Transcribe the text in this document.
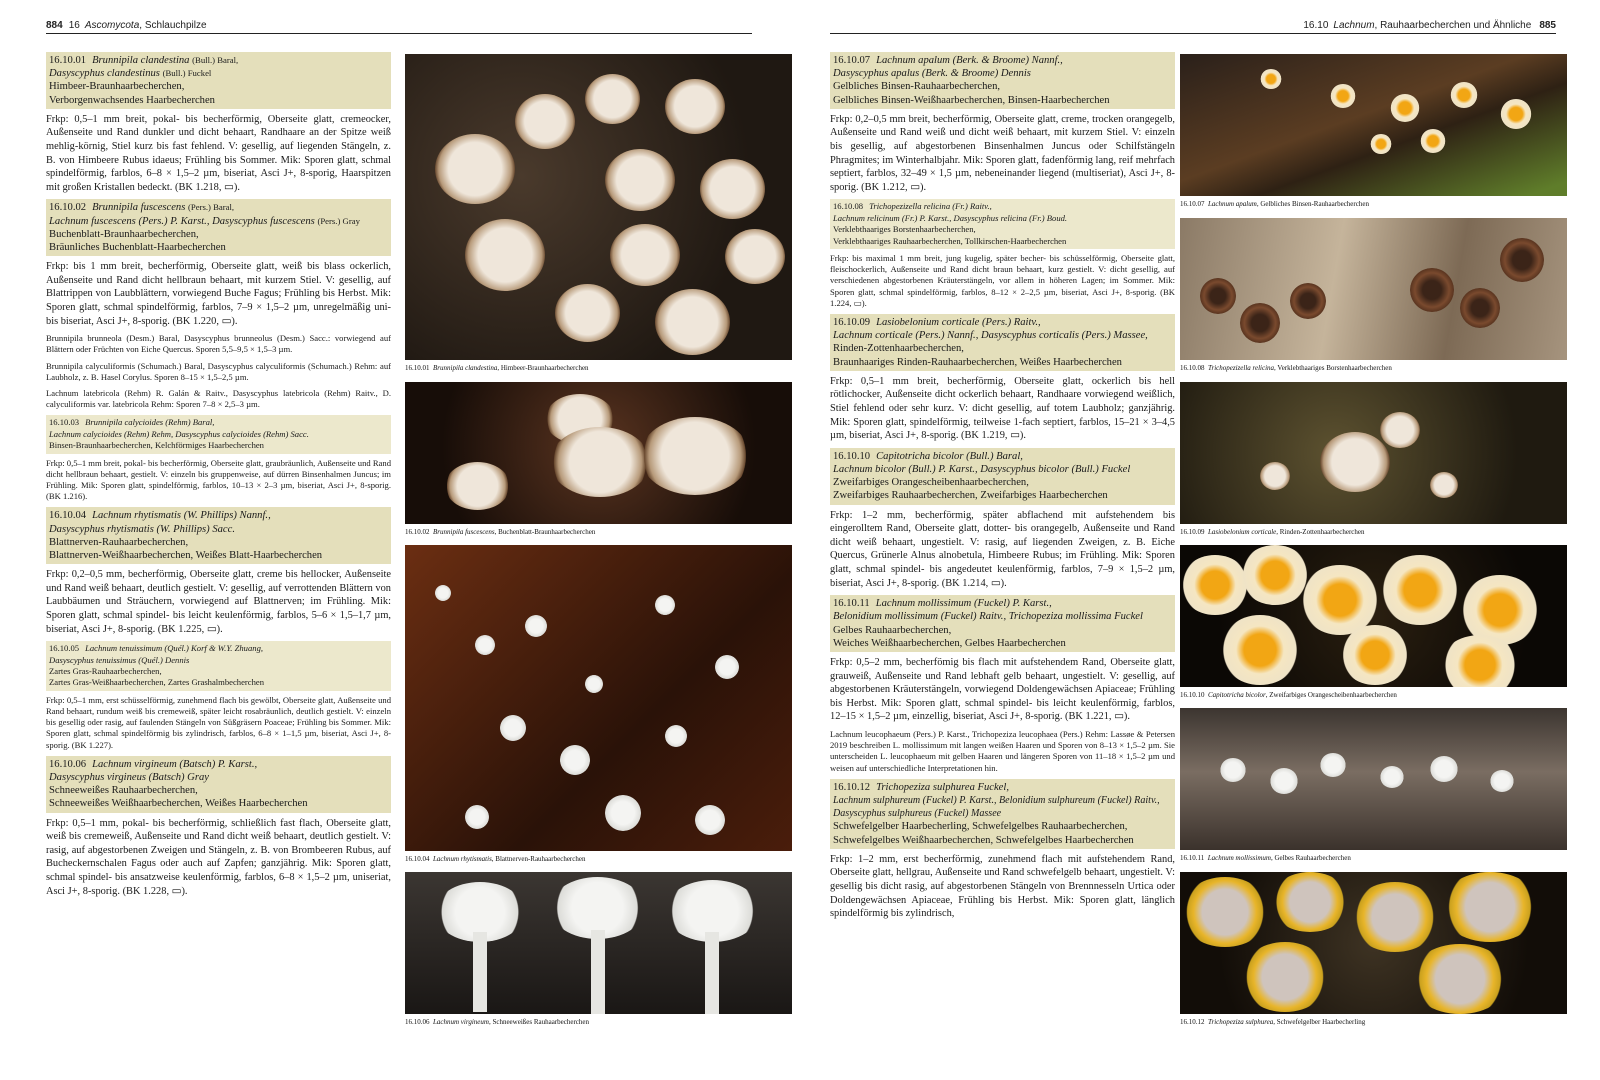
884 16 Ascomycota , Schlauchpilze
16.10.01 Brunnipila clandestina (Bull.) Baral,
Dasyscyphus clandestinus (Bull.) Fuckel
Himbeer-Braunhaarbecherchen,
Verborgenwachsendes Haarbecherchen
Frkp: 0,5–1 mm breit, pokal- bis becherförmig, Oberseite glatt, cremeocker, Außenseite und Rand dunkler und dicht behaart, Randhaare an der Spitze weiß mehlig-körnig, Stiel kurz bis fast fehlend. V: gesellig, auf liegenden Stängeln, z. B. von Himbeere Rubus idaeus; Frühling bis Sommer. Mik: Sporen glatt, schmal spindelförmig, farblos, 6–8 × 1,5–2 µm, biseriat, Asci J+, 8-sporig, Haarspitzen mit großen Kristallen bedeckt. (BK 1.218, ▭).
16.10.02 Brunnipila fuscescens (Pers.) Baral,
Lachnum fuscescens (Pers.) P. Karst., Dasyscyphus fuscescens (Pers.) Gray
Buchenblatt-Braunhaarbecherchen,
Bräunliches Buchenblatt-Haarbecherchen
Frkp: bis 1 mm breit, becherförmig, Oberseite glatt, weiß bis blass ockerlich, Außenseite und Rand dicht hellbraun behaart, mit kurzem Stiel. V: gesellig, auf Blattrippen von Laubblättern, vorwiegend Buche Fagus; Frühling bis Herbst. Mik: Sporen glatt, schmal spindelförmig, farblos, 7–9 × 1,5–2 µm, unregelmäßig uni- bis biseriat, Asci J+, 8-sporig. (BK 1.220, ▭).
Brunnipila brunneola (Desm.) Baral, Dasyscyphus brunneolus (Desm.) Sacc.: vorwiegend auf Blättern oder Früchten von Eiche Quercus. Sporen 5,5–9,5 × 1,5–3 µm.
Brunnipila calyculiformis (Schumach.) Baral, Dasyscyphus calyculiformis (Schumach.) Rehm: auf Laubholz, z. B. Hasel Corylus. Sporen 8–15 × 1,5–2,5 µm.
Lachnum latebricola (Rehm) R. Galán & Raitv., Dasyscyphus latebricola (Rehm) Raitv., D. calyculiformis var. latebricola Rehm: Sporen 7–8 × 2,5–3 µm.
16.10.03 Brunnipila calycioides (Rehm) Baral,
Lachnum calycioides (Rehm) Rehm, Dasyscyphus calycioides (Rehm) Sacc.
Binsen-Braunhaarbecherchen, Kelchförmiges Haarbecherchen
Frkp: 0,5–1 mm breit, pokal- bis becherförmig, Oberseite glatt, graubräunlich, Außenseite und Rand dicht hellbraun behaart, gestielt. V: einzeln bis gruppenweise, auf dürren Binsenhalmen Juncus; im Frühling. Mik: Sporen glatt, spindelförmig, farblos, 10–13 × 2–3 µm, biseriat, Asci J+, 8-sporig. (BK 1.216).
16.10.04 Lachnum rhytismatis (W. Phillips) Nannf.,
Dasyscyphus rhytismatis (W. Phillips) Sacc.
Blattnerven-Rauhaarbecherchen,
Blattnerven-Weißhaarbecherchen, Weißes Blatt-Haarbecherchen
Frkp: 0,2–0,5 mm, becherförmig, Oberseite glatt, creme bis hellocker, Außenseite und Rand weiß behaart, deutlich gestielt. V: gesellig, auf verrottenden Blättern von Laubbäumen und Sträuchern, vorwiegend auf Blattnerven; im Frühling. Mik: Sporen glatt, schmal spindel- bis leicht keulenförmig, farblos, 5–6 × 1,5–1,7 µm, biseriat, Asci J+, 8-sporig. (BK 1.225, ▭).
16.10.05 Lachnum tenuissimum (Quél.) Korf & W.Y. Zhuang,
Dasyscyphus tenuissimus (Quél.) Dennis
Zartes Gras-Rauhaarbecherchen,
Zartes Gras-Weißhaarbecherchen, Zartes Grashalmbecherchen
Frkp: 0,5–1 mm, erst schüsselförmig, zunehmend flach bis gewölbt, Oberseite glatt, Außenseite und Rand behaart, rundum weiß bis cremeweiß, später leicht rosabräunlich, deutlich gestielt. V: einzeln bis gesellig oder rasig, auf faulenden Stängeln von Süßgräsern Poaceae; Frühling bis Sommer. Mik: Sporen glatt, schmal spindelförmig bis zylindrisch, farblos, 6–8 × 1–1,5 µm, biseriat, Asci J+, 8-sporig. (BK 1.227).
16.10.06 Lachnum virgineum (Batsch) P. Karst.,
Dasyscyphus virgineus (Batsch) Gray
Schneeweißes Rauhaarbecherchen,
Schneeweißes Weißhaarbecherchen, Weißes Haarbecherchen
Frkp: 0,5–1 mm, pokal- bis becherförmig, schließlich fast flach, Oberseite glatt, weiß bis cremeweiß, Außenseite und Rand dicht weiß behaart, deutlich gestielt. V: rasig, auf abgestorbenen Zweigen und Stängeln, z. B. von Brombeeren Rubus, auf Bucheckernschalen Fagus oder auch auf Zapfen; ganzjährig. Mik: Sporen glatt, schmal spindel- bis ansatzweise keulenförmig, farblos, 6–8 × 1,5–2 µm, uniseriat, Asci J+, 8-sporig. (BK 1.228, ▭).
16.10.01 Brunnipila clandestina, Himbeer-Braunhaarbecherchen
16.10.02 Brunnipila fuscescens, Buchenblatt-Braunhaarbecherchen
16.10.04 Lachnum rhytismatis, Blattnerven-Rauhaarbecherchen
16.10.06 Lachnum virgineum, Schneeweißes Rauhaarbecherchen
16.10 Lachnum , Rauhaarbecherchen und Ähnliche 885
16.10.07 Lachnum apalum (Berk. & Broome) Nannf.,
Dasyscyphus apalus (Berk. & Broome) Dennis
Gelbliches Binsen-Rauhaarbecherchen,
Gelbliches Binsen-Weißhaarbecherchen, Binsen-Haarbecherchen
Frkp: 0,2–0,5 mm breit, becherförmig, Oberseite glatt, creme, trocken orangegelb, Außenseite und Rand weiß und dicht weiß behaart, mit kurzem Stiel. V: einzeln bis gesellig, auf abgestorbenen Binsenhalmen Juncus oder Schilfstängeln Phragmites; im Winterhalbjahr. Mik: Sporen glatt, fadenförmig lang, reif mehrfach septiert, farblos, 32–49 × 1,5 µm, nebeneinander liegend (multiseriat), Asci J+, 8-sporig. (BK 1.212, ▭).
16.10.08 Trichopezizella relicina (Fr.) Raitv.,
Lachnum relicinum (Fr.) P. Karst., Dasyscyphus relicina (Fr.) Boud.
Verklebthaariges Borstenhaarbecherchen,
Verklebthaariges Rauhaarbecherchen, Tollkirschen-Haarbecherchen
Frkp: bis maximal 1 mm breit, jung kugelig, später becher- bis schüsselförmig, Oberseite glatt, fleischockerlich, Außenseite und Rand dicht braun behaart, kurz gestielt. V: dicht gesellig, auf verschiedenen abgestorbenen Kräuterstängeln, vor allem in höheren Lagen; im Sommer. Mik: Sporen glatt, schmal spindelförmig, farblos, 8–12 × 2–2,5 µm, biseriat, Asci J+, 8-sporig. (BK 1.224, ▭).
16.10.09 Lasiobelonium corticale (Pers.) Raitv.,
Lachnum corticale (Pers.) Nannf., Dasyscyphus corticalis (Pers.) Massee,
Rinden-Zottenhaarbecherchen,
Braunhaariges Rinden-Rauhaarbecherchen, Weißes Haarbecherchen
Frkp: 0,5–1 mm breit, becherförmig, Oberseite glatt, ockerlich bis hell rötlichocker, Außenseite dicht ockerlich behaart, Randhaare vorwiegend weißlich, Stiel fehlend oder sehr kurz. V: dicht gesellig, auf totem Laubholz; ganzjährig. Mik: Sporen glatt, spindelförmig, teilweise 1-fach septiert, farblos, 15–21 × 3–4,5 µm, biseriat, Asci J+, 8-sporig. (BK 1.219, ▭).
16.10.10 Capitotricha bicolor (Bull.) Baral,
Lachnum bicolor (Bull.) P. Karst., Dasyscyphus bicolor (Bull.) Fuckel
Zweifarbiges Orangescheibenhaarbecherchen,
Zweifarbiges Rauhaarbecherchen, Zweifarbiges Haarbecherchen
Frkp: 1–2 mm, becherförmig, später abflachend mit aufstehendem bis eingerolltem Rand, Oberseite glatt, dotter- bis orangegelb, Außenseite und Rand dicht weiß behaart, ungestielt. V: rasig, auf liegenden Zweigen, z. B. Eiche Quercus, Grünerle Alnus alnobetula, Himbeere Rubus; im Frühling. Mik: Sporen glatt, schmal spindel- bis angedeutet keulenförmig, farblos, 7–9 × 1,5–2 µm, biseriat, Asci J+, 8-sporig. (BK 1.214, ▭).
16.10.11 Lachnum mollissimum (Fuckel) P. Karst.,
Belonidium mollissimum (Fuckel) Raitv., Trichopeziza mollissima Fuckel
Gelbes Rauhaarbecherchen,
Weiches Weißhaarbecherchen, Gelbes Haarbecherchen
Frkp: 0,5–2 mm, becherfömig bis flach mit aufstehendem Rand, Oberseite glatt, grauweiß, Außenseite und Rand lebhaft gelb behaart, ungestielt. V: gesellig, auf abgestorbenen Kräuterstängeln, vorwiegend Doldengewächsen Apiaceae; Frühling bis Herbst. Mik: Sporen glatt, schmal spindel- bis leicht keulenförmig, farblos, 12–15 × 1,5–2 µm, einzellig, biseriat, Asci J+, 8-sporig. (BK 1.221, ▭).
Lachnum leucophaeum (Pers.) P. Karst., Trichopeziza leucophaea (Pers.) Rehm: Lassøe & Petersen 2019 beschreiben L. mollissimum mit langen weißen Haaren und Sporen von 8–13 × 1,5–2 µm. Sie unterscheiden L. leucophaeum mit gelben Haaren und längeren Sporen von 11–18 × 1,5–2 µm und weisen auf unterschiedliche Interpretationen hin.
16.10.12 Trichopeziza sulphurea Fuckel,
Lachnum sulphureum (Fuckel) P. Karst., Belonidium sulphureum (Fuckel) Raitv., Dasyscyphus sulphureus (Fuckel) Massee
Schwefelgelber Haarbecherling, Schwefelgelbes Rauhaarbecherchen,
Schwefelgelbes Weißhaarbecherchen, Schwefelgelbes Haarbecherchen
Frkp: 1–2 mm, erst becherförmig, zunehmend flach mit aufstehendem Rand, Oberseite glatt, hellgrau, Außenseite und Rand schwefelgelb behaart, ungestielt. V: gesellig bis dicht rasig, auf abgestorbenen Stängeln von Brennnesseln Urtica oder Doldengewächsen Apiaceae, Frühling bis Herbst. Mik: Sporen glatt, länglich spindelförmig bis zylindrisch,
16.10.07 Lachnum apalum, Gelbliches Binsen-Rauhaarbecherchen
16.10.08 Trichopezizella relicina, Verklebthaariges Borstenhaarbecherchen
16.10.09 Lasiobelonium corticale, Rinden-Zottenhaarbecherchen
16.10.10 Capitotricha bicolor, Zweifarbiges Orangescheibenhaarbecherchen
16.10.11 Lachnum mollissimum, Gelbes Rauhaarbecherchen
16.10.12 Trichopeziza sulphurea, Schwefelgelber Haarbecherling
